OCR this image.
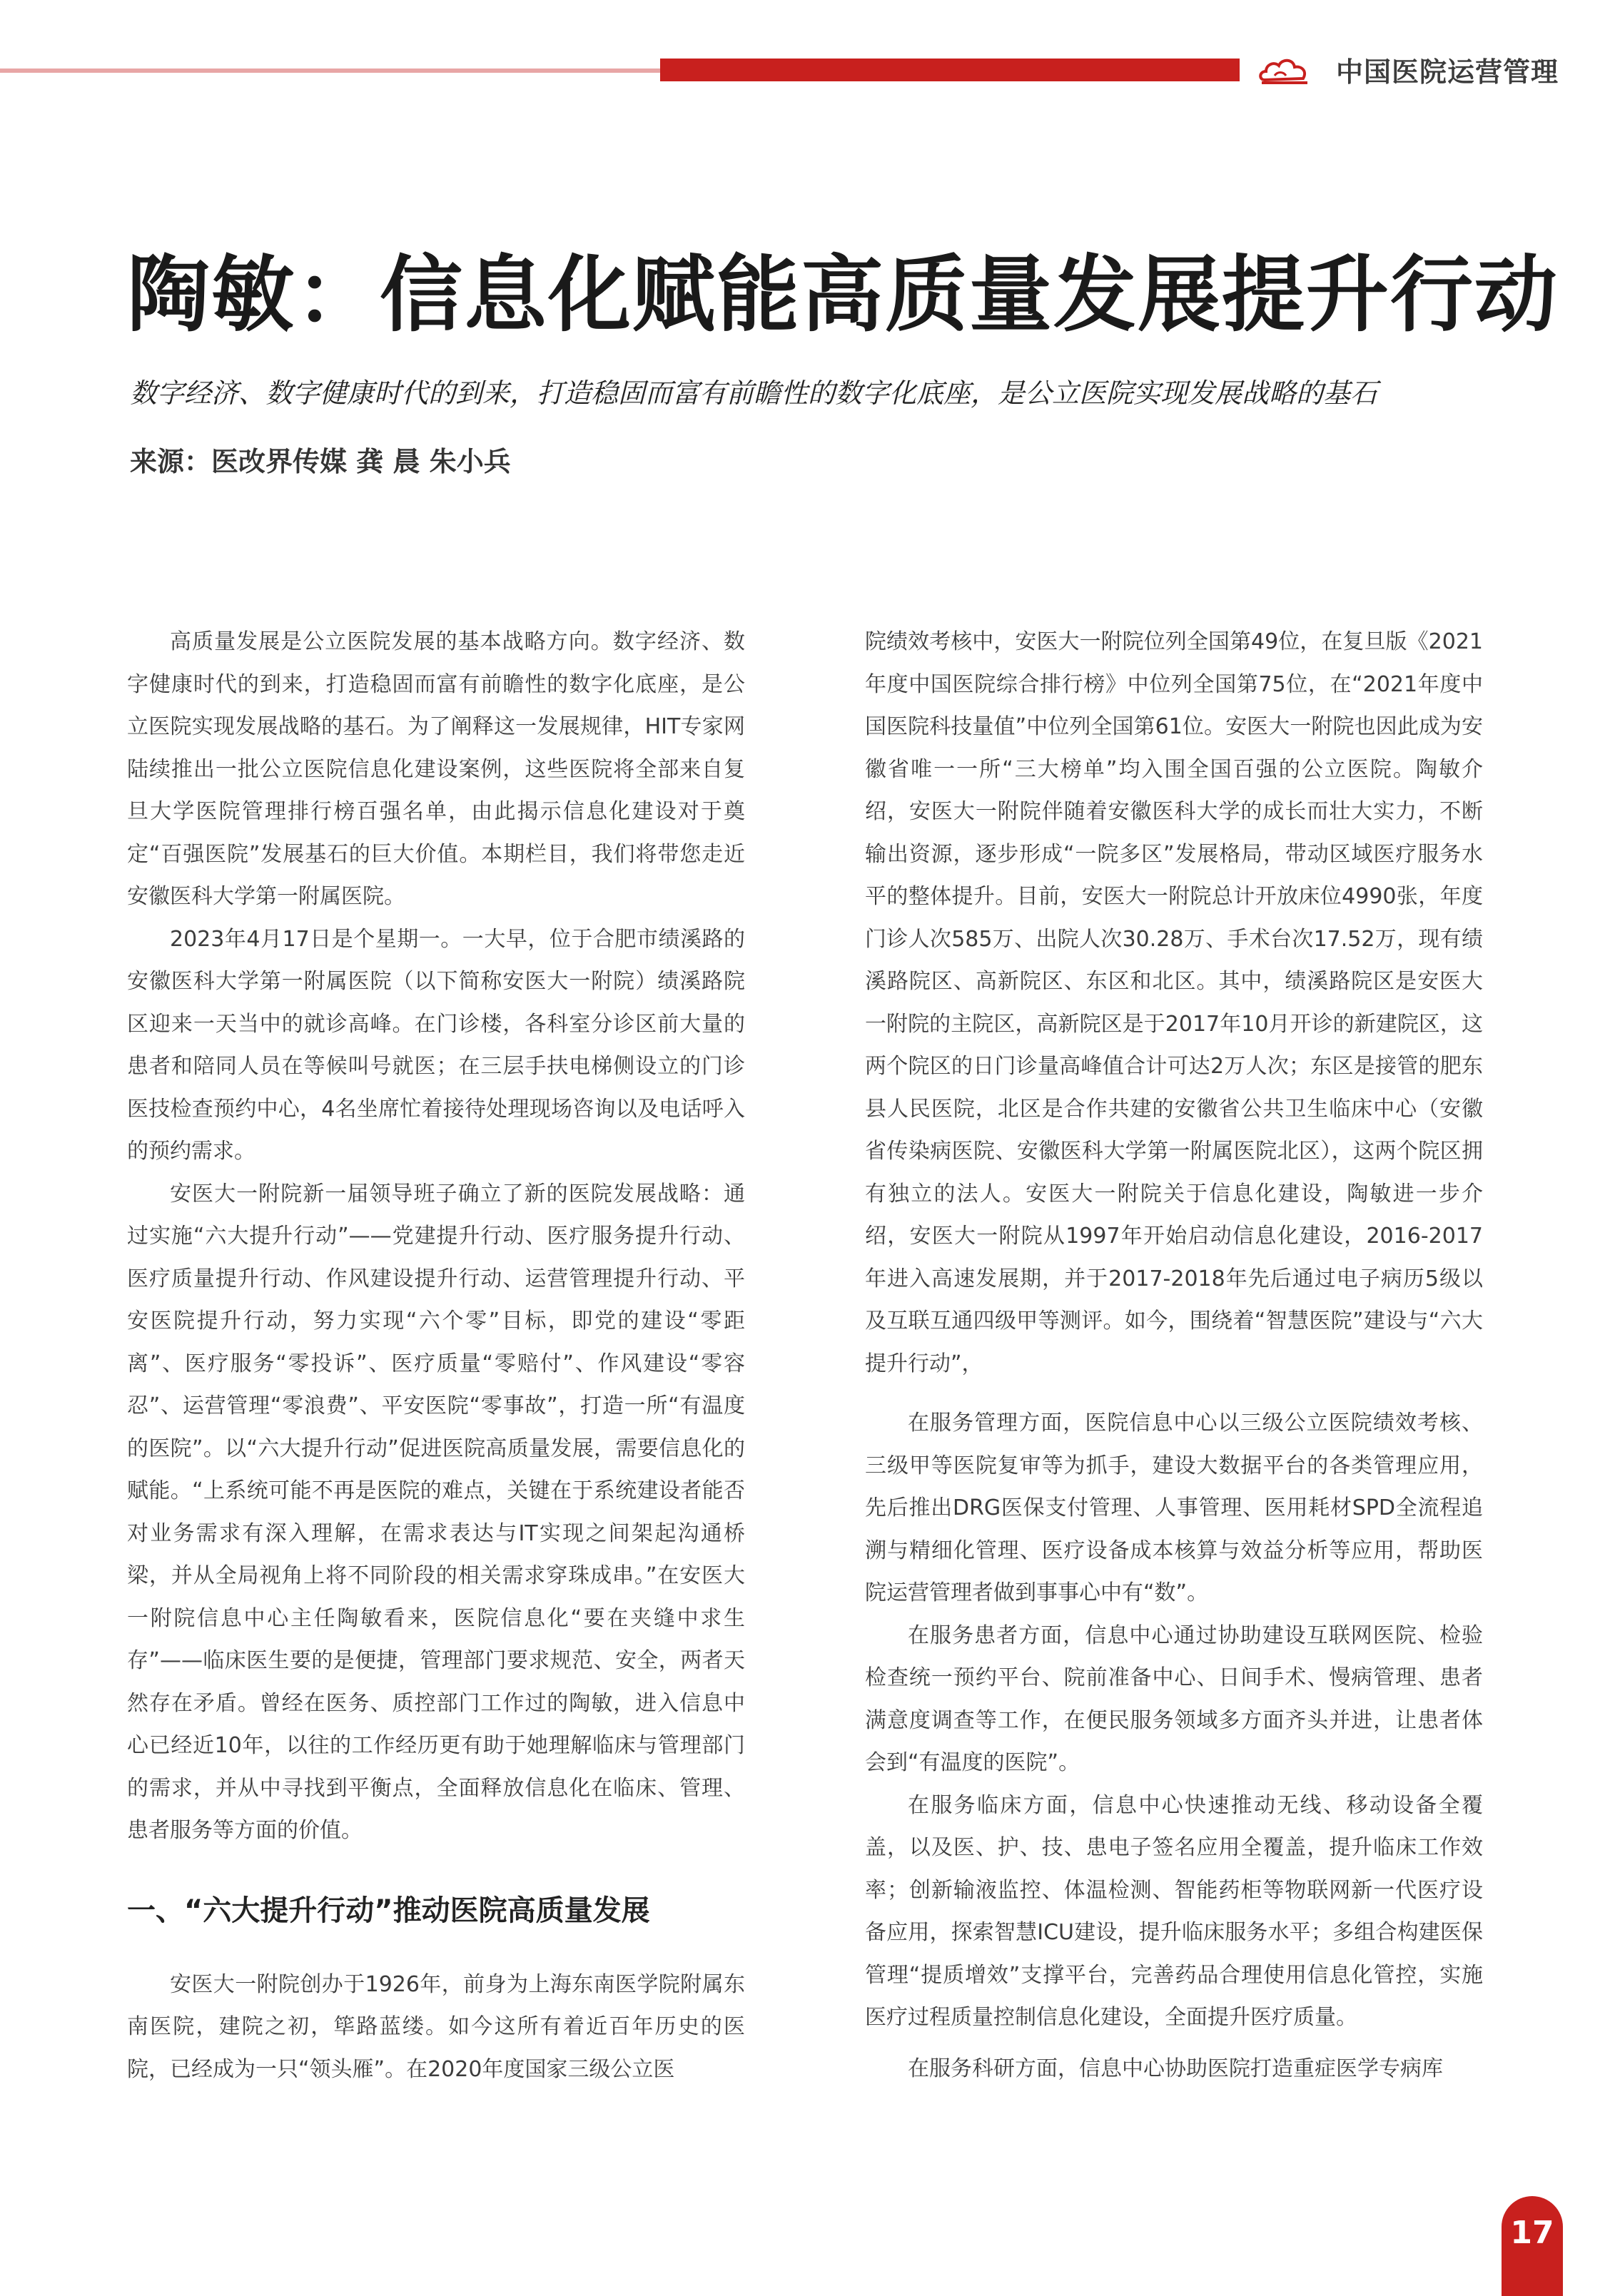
中国医院运营管理
陶敏：信息化赋能高质量发展提升行动
数字经济、数字健康时代的到来，打造稳固而富有前瞻性的数字化底座，是公立医院实现发展战略的基石
来源：医改界传媒 龚 晨 朱小兵

高质量发展是公立医院发展的基本战略方向。数字经济、数字健康时代的到来，打造稳固而富有前瞻性的数字化底座，是公立医院实现发展战略的基石。为了阐释这一发展规律，HIT专家网陆续推出一批公立医院信息化建设案例，这些医院将全部来自复旦大学医院管理排行榜百强名单，由此揭示信息化建设对于奠定“百强医院”发展基石的巨大价值。本期栏目，我们将带您走近安徽医科大学第一附属医院。

2023年4月17日是个星期一。一大早，位于合肥市绩溪路的安徽医科大学第一附属医院（以下简称安医大一附院）绩溪路院区迎来一天当中的就诊高峰。在门诊楼，各科室分诊区前大量的患者和陪同人员在等候叫号就医；在三层手扶电梯侧设立的门诊医技检查预约中心，4名坐席忙着接待处理现场咨询以及电话呼入的预约需求。

安医大一附院新一届领导班子确立了新的医院发展战略：通过实施“六大提升行动”——党建提升行动、医疗服务提升行动、医疗质量提升行动、作风建设提升行动、运营管理提升行动、平安医院提升行动，努力实现“六个零”目标，即党的建设“零距离”、医疗服务“零投诉”、医疗质量“零赔付”、作风建设“零容忍”、运营管理“零浪费”、平安医院“零事故”，打造一所“有温度的医院”。以“六大提升行动”促进医院高质量发展，需要信息化的赋能。“上系统可能不再是医院的难点，关键在于系统建设者能否对业务需求有深入理解，在需求表达与IT实现之间架起沟通桥梁，并从全局视角上将不同阶段的相关需求穿珠成串。”在安医大一附院信息中心主任陶敏看来，医院信息化“要在夹缝中求生存”——临床医生要的是便捷，管理部门要求规范、安全，两者天然存在矛盾。曾经在医务、质控部门工作过的陶敏，进入信息中心已经近10年，以往的工作经历更有助于她理解临床与管理部门的需求，并从中寻找到平衡点，全面释放信息化在临床、管理、患者服务等方面的价值。

一、“六大提升行动”推动医院高质量发展

安医大一附院创办于1926年，前身为上海东南医学院附属东南医院，建院之初，筚路蓝缕。如今这所有着近百年历史的医院，已经成为一只“领头雁”。在2020年度国家三级公立医

院绩效考核中，安医大一附院位列全国第49位，在复旦版《2021年度中国医院综合排行榜》中位列全国第75位，在“2021年度中国医院科技量值”中位列全国第61位。安医大一附院也因此成为安徽省唯一一所“三大榜单”均入围全国百强的公立医院。陶敏介绍，安医大一附院伴随着安徽医科大学的成长而壮大实力，不断输出资源，逐步形成“一院多区”发展格局，带动区域医疗服务水平的整体提升。目前，安医大一附院总计开放床位4990张，年度门诊人次585万、出院人次30.28万、手术台次17.52万，现有绩溪路院区、高新院区、东区和北区。其中，绩溪路院区是安医大一附院的主院区，高新院区是于2017年10月开诊的新建院区，这两个院区的日门诊量高峰值合计可达2万人次；东区是接管的肥东县人民医院，北区是合作共建的安徽省公共卫生临床中心（安徽省传染病医院、安徽医科大学第一附属医院北区），这两个院区拥有独立的法人。安医大一附院关于信息化建设，陶敏进一步介绍，安医大一附院从1997年开始启动信息化建设，2016-2017年进入高速发展期，并于2017-2018年先后通过电子病历5级以及互联互通四级甲等测评。如今，围绕着“智慧医院”建设与“六大提升行动”，

在服务管理方面，医院信息中心以三级公立医院绩效考核、三级甲等医院复审等为抓手，建设大数据平台的各类管理应用，先后推出DRG医保支付管理、人事管理、医用耗材SPD全流程追溯与精细化管理、医疗设备成本核算与效益分析等应用，帮助医院运营管理者做到事事心中有“数”。

在服务患者方面，信息中心通过协助建设互联网医院、检验检查统一预约平台、院前准备中心、日间手术、慢病管理、患者满意度调查等工作，在便民服务领域多方面齐头并进，让患者体会到“有温度的医院”。

在服务临床方面，信息中心快速推动无线、移动设备全覆盖，以及医、护、技、患电子签名应用全覆盖，提升临床工作效率；创新输液监控、体温检测、智能药柜等物联网新一代医疗设备应用，探索智慧ICU建设，提升临床服务水平；多组合构建医保管理“提质增效”支撑平台，完善药品合理使用信息化管控，实施医疗过程质量控制信息化建设，全面提升医疗质量。

在服务科研方面，信息中心协助医院打造重症医学专病库

17
